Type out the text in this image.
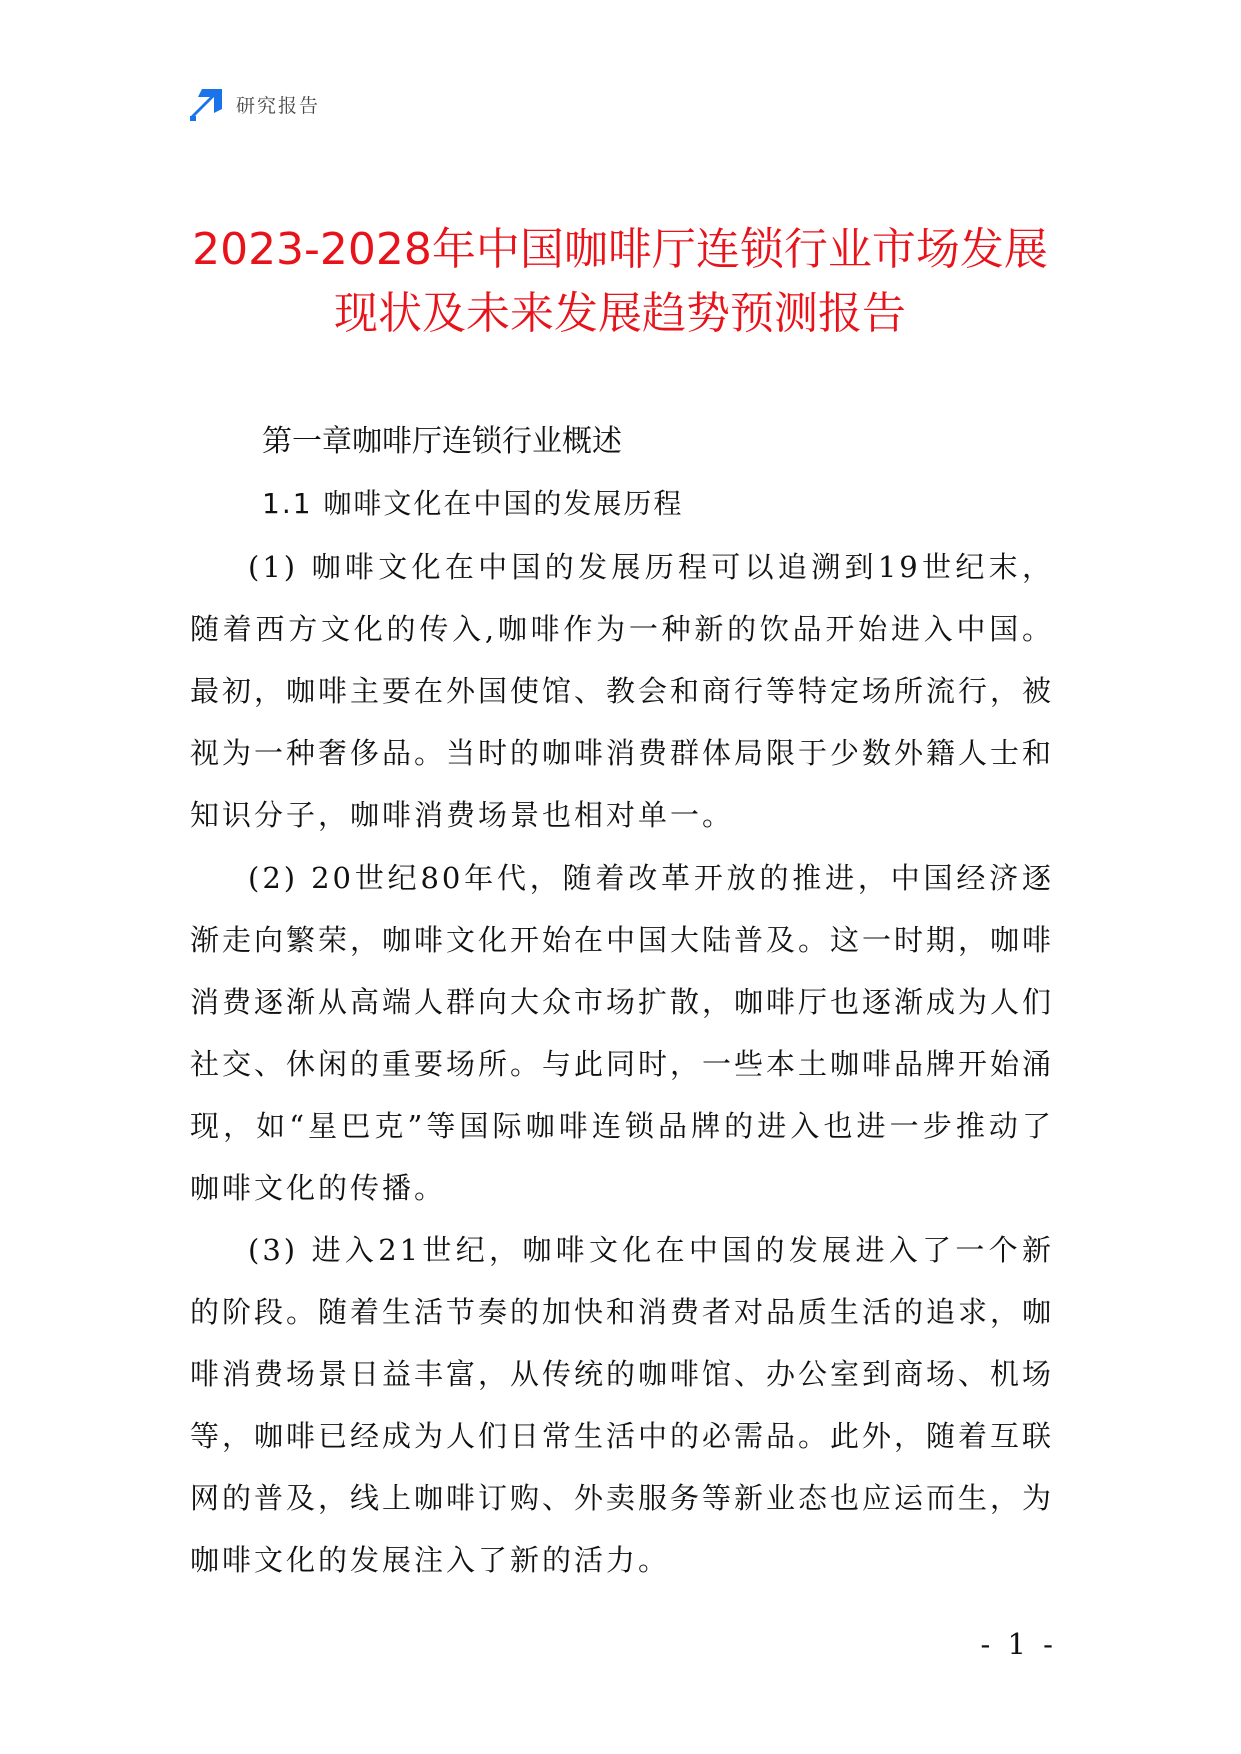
研究报告
2023-2028年中国咖啡厅连锁行业市场发展
现状及未来发展趋势预测报告
第一章咖啡厅连锁行业概述
1.1 咖啡文化在中国的发展历程

(1) 咖啡文化在中国的发展历程可以追溯到19世纪末，随着西方文化的传入,咖啡作为一种新的饮品开始进入中国。最初，咖啡主要在外国使馆、教会和商行等特定场所流行，被视为一种奢侈品。当时的咖啡消费群体局限于少数外籍人士和知识分子，咖啡消费场景也相对单一。

(2) 20世纪80年代，随着改革开放的推进，中国经济逐渐走向繁荣，咖啡文化开始在中国大陆普及。这一时期，咖啡消费逐渐从高端人群向大众市场扩散，咖啡厅也逐渐成为人们社交、休闲的重要场所。与此同时，一些本土咖啡品牌开始涌现，如“星巴克”等国际咖啡连锁品牌的进入也进一步推动了咖啡文化的传播。

(3) 进入21世纪，咖啡文化在中国的发展进入了一个新的阶段。随着生活节奏的加快和消费者对品质生活的追求，咖啡消费场景日益丰富，从传统的咖啡馆、办公室到商场、机场等，咖啡已经成为人们日常生活中的必需品。此外，随着互联网的普及，线上咖啡订购、外卖服务等新业态也应运而生，为咖啡文化的发展注入了新的活力。

- 1 -
